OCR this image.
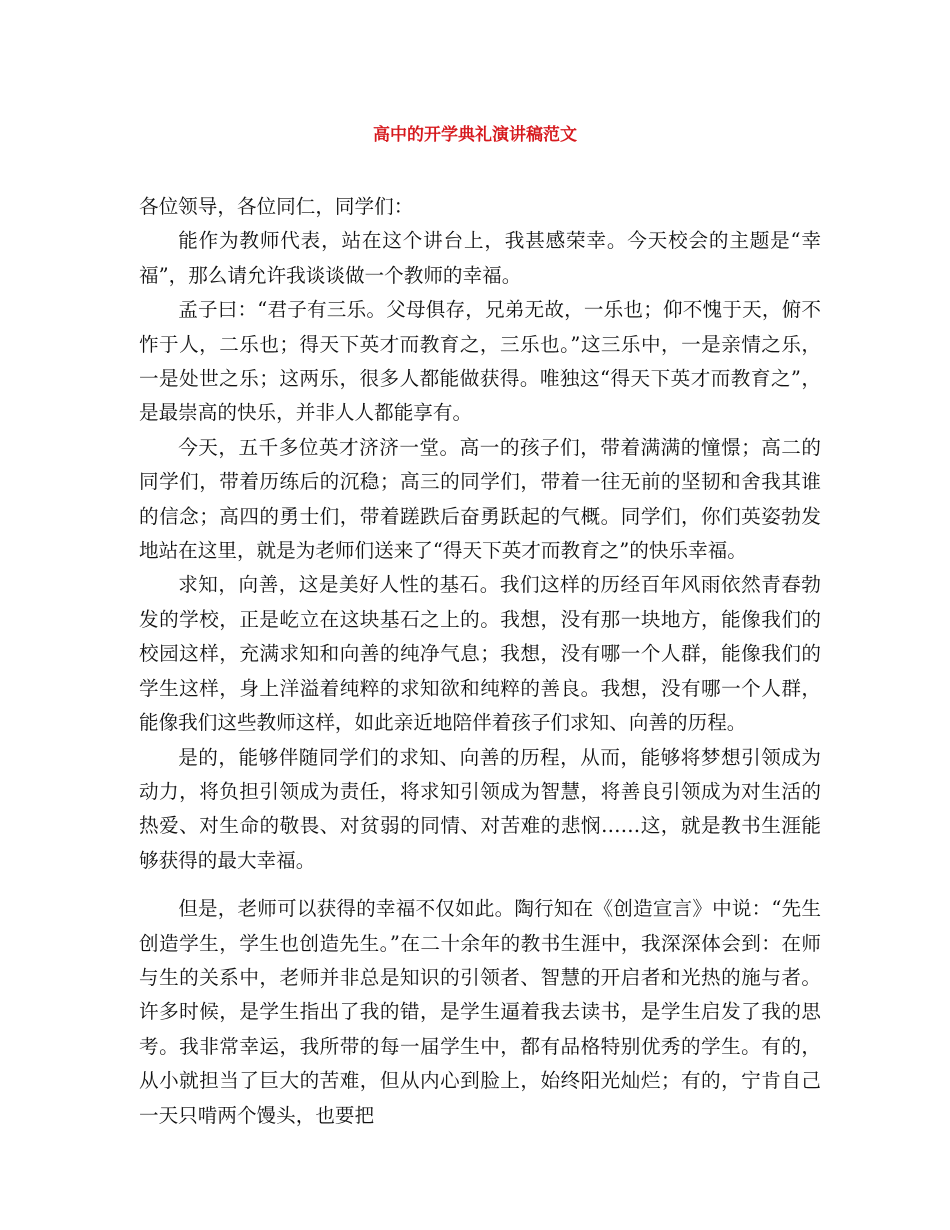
高中的开学典礼演讲稿范文

各位领导，各位同仁，同学们：

能作为教师代表，站在这个讲台上，我甚感荣幸。今天校会的主题是“幸福”，那么请允许我谈谈做一个教师的幸福。

孟子曰：“君子有三乐。父母俱存，兄弟无故，一乐也；仰不愧于天，俯不怍于人，二乐也；得天下英才而教育之，三乐也。”这三乐中，一是亲情之乐，一是处世之乐；这两乐，很多人都能做获得。唯独这“得天下英才而教育之”，是最崇高的快乐，并非人人都能享有。

今天，五千多位英才济济一堂。高一的孩子们，带着满满的憧憬；高二的同学们，带着历练后的沉稳；高三的同学们，带着一往无前的坚韧和舍我其谁的信念；高四的勇士们，带着蹉跌后奋勇跃起的气概。同学们，你们英姿勃发地站在这里，就是为老师们送来了“得天下英才而教育之”的快乐幸福。

求知，向善，这是美好人性的基石。我们这样的历经百年风雨依然青春勃发的学校，正是屹立在这块基石之上的。我想，没有那一块地方，能像我们的校园这样，充满求知和向善的纯净气息；我想，没有哪一个人群，能像我们的学生这样，身上洋溢着纯粹的求知欲和纯粹的善良。我想，没有哪一个人群，能像我们这些教师这样，如此亲近地陪伴着孩子们求知、向善的历程。

是的，能够伴随同学们的求知、向善的历程，从而，能够将梦想引领成为动力，将负担引领成为责任，将求知引领成为智慧，将善良引领成为对生活的热爱、对生命的敬畏、对贫弱的同情、对苦难的悲悯……这，就是教书生涯能够获得的最大幸福。

但是，老师可以获得的幸福不仅如此。陶行知在《创造宣言》中说：“先生创造学生，学生也创造先生。”在二十余年的教书生涯中，我深深体会到：在师与生的关系中，老师并非总是知识的引领者、智慧的开启者和光热的施与者。许多时候，是学生指出了我的错，是学生逼着我去读书，是学生启发了我的思考。我非常幸运，我所带的每一届学生中，都有品格特别优秀的学生。有的，从小就担当了巨大的苦难，但从内心到脸上，始终阳光灿烂；有的，宁肯自己一天只啃两个馒头，也要把
